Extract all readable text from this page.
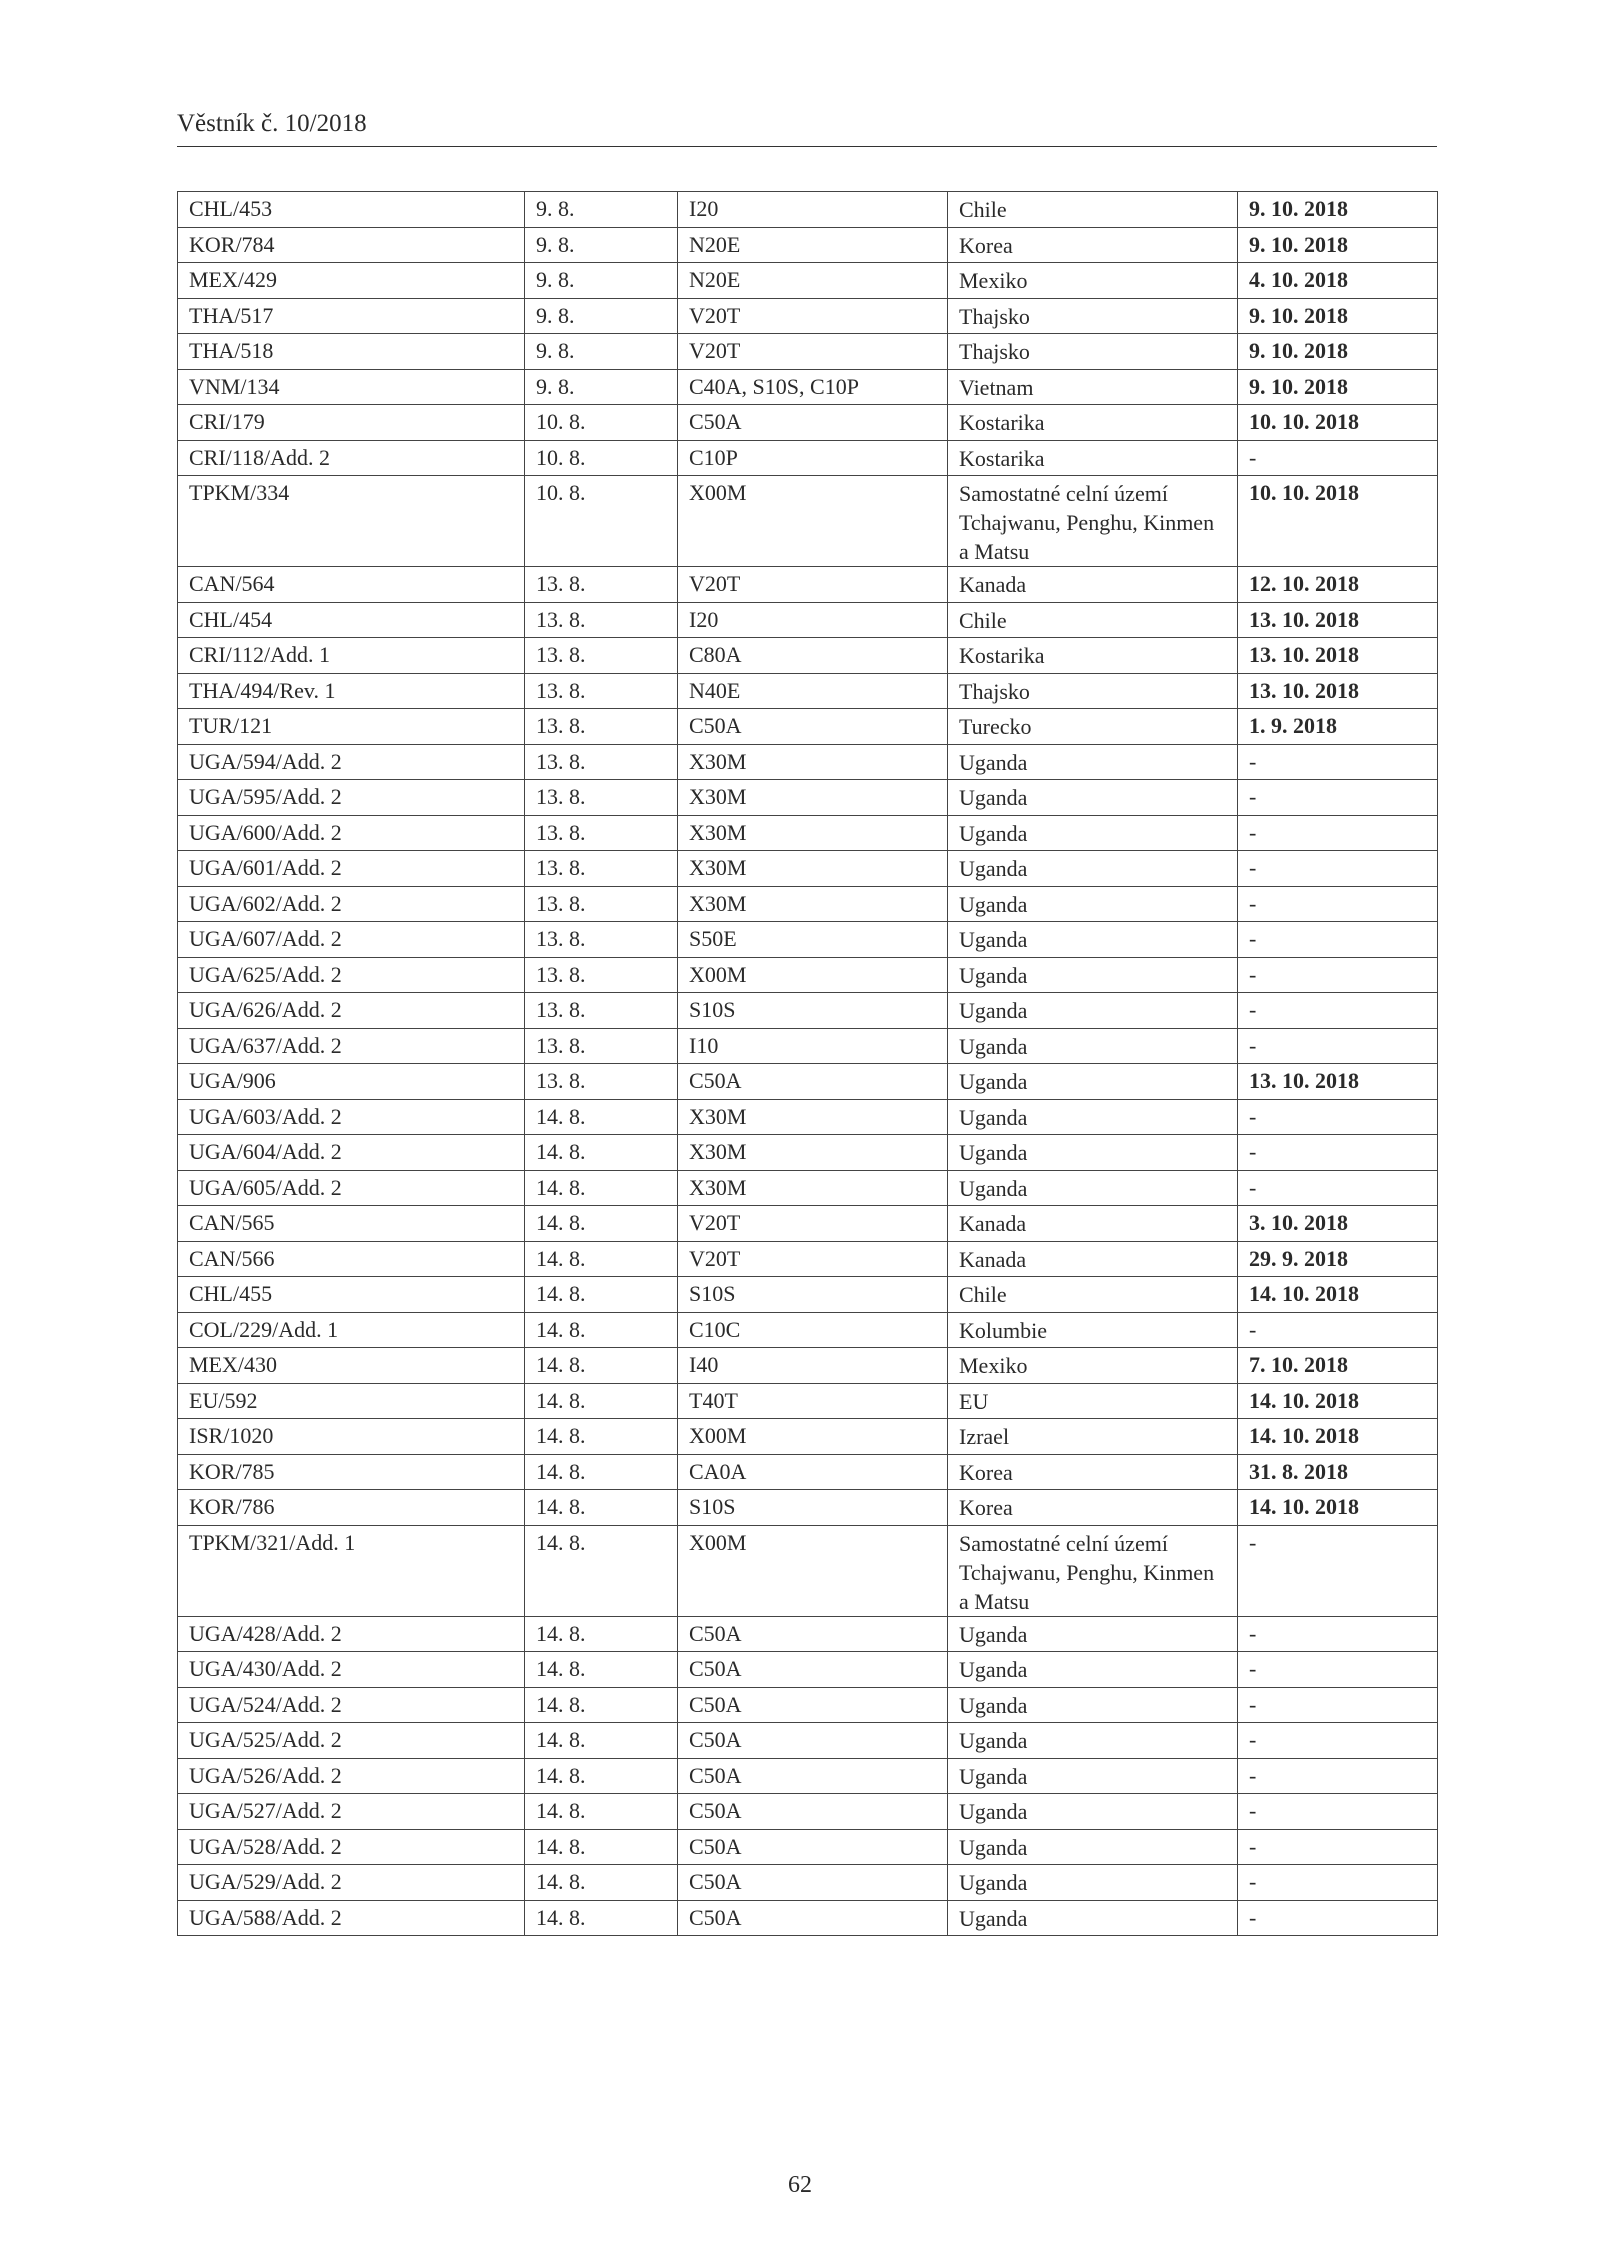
Věstník č. 10/2018
CHL/453	9. 8.	I20	Chile	9. 10. 2018
KOR/784	9. 8.	N20E	Korea	9. 10. 2018
MEX/429	9. 8.	N20E	Mexiko	4. 10. 2018
THA/517	9. 8.	V20T	Thajsko	9. 10. 2018
THA/518	9. 8.	V20T	Thajsko	9. 10. 2018
VNM/134	9. 8.	C40A, S10S, C10P	Vietnam	9. 10. 2018
CRI/179	10. 8.	C50A	Kostarika	10. 10. 2018
CRI/118/Add. 2	10. 8.	C10P	Kostarika	-
TPKM/334	10. 8.	X00M	Samostatné celní území Tchajwanu, Penghu, Kinmen a Matsu	10. 10. 2018
CAN/564	13. 8.	V20T	Kanada	12. 10. 2018
CHL/454	13. 8.	I20	Chile	13. 10. 2018
CRI/112/Add. 1	13. 8.	C80A	Kostarika	13. 10. 2018
THA/494/Rev. 1	13. 8.	N40E	Thajsko	13. 10. 2018
TUR/121	13. 8.	C50A	Turecko	1. 9. 2018
UGA/594/Add. 2	13. 8.	X30M	Uganda	-
UGA/595/Add. 2	13. 8.	X30M	Uganda	-
UGA/600/Add. 2	13. 8.	X30M	Uganda	-
UGA/601/Add. 2	13. 8.	X30M	Uganda	-
UGA/602/Add. 2	13. 8.	X30M	Uganda	-
UGA/607/Add. 2	13. 8.	S50E	Uganda	-
UGA/625/Add. 2	13. 8.	X00M	Uganda	-
UGA/626/Add. 2	13. 8.	S10S	Uganda	-
UGA/637/Add. 2	13. 8.	I10	Uganda	-
UGA/906	13. 8.	C50A	Uganda	13. 10. 2018
UGA/603/Add. 2	14. 8.	X30M	Uganda	-
UGA/604/Add. 2	14. 8.	X30M	Uganda	-
UGA/605/Add. 2	14. 8.	X30M	Uganda	-
CAN/565	14. 8.	V20T	Kanada	3. 10. 2018
CAN/566	14. 8.	V20T	Kanada	29. 9. 2018
CHL/455	14. 8.	S10S	Chile	14. 10. 2018
COL/229/Add. 1	14. 8.	C10C	Kolumbie	-
MEX/430	14. 8.	I40	Mexiko	7. 10. 2018
EU/592	14. 8.	T40T	EU	14. 10. 2018
ISR/1020	14. 8.	X00M	Izrael	14. 10. 2018
KOR/785	14. 8.	CA0A	Korea	31. 8. 2018
KOR/786	14. 8.	S10S	Korea	14. 10. 2018
TPKM/321/Add. 1	14. 8.	X00M	Samostatné celní území Tchajwanu, Penghu, Kinmen a Matsu	-
UGA/428/Add. 2	14. 8.	C50A	Uganda	-
UGA/430/Add. 2	14. 8.	C50A	Uganda	-
UGA/524/Add. 2	14. 8.	C50A	Uganda	-
UGA/525/Add. 2	14. 8.	C50A	Uganda	-
UGA/526/Add. 2	14. 8.	C50A	Uganda	-
UGA/527/Add. 2	14. 8.	C50A	Uganda	-
UGA/528/Add. 2	14. 8.	C50A	Uganda	-
UGA/529/Add. 2	14. 8.	C50A	Uganda	-
UGA/588/Add. 2	14. 8.	C50A	Uganda	-
62
